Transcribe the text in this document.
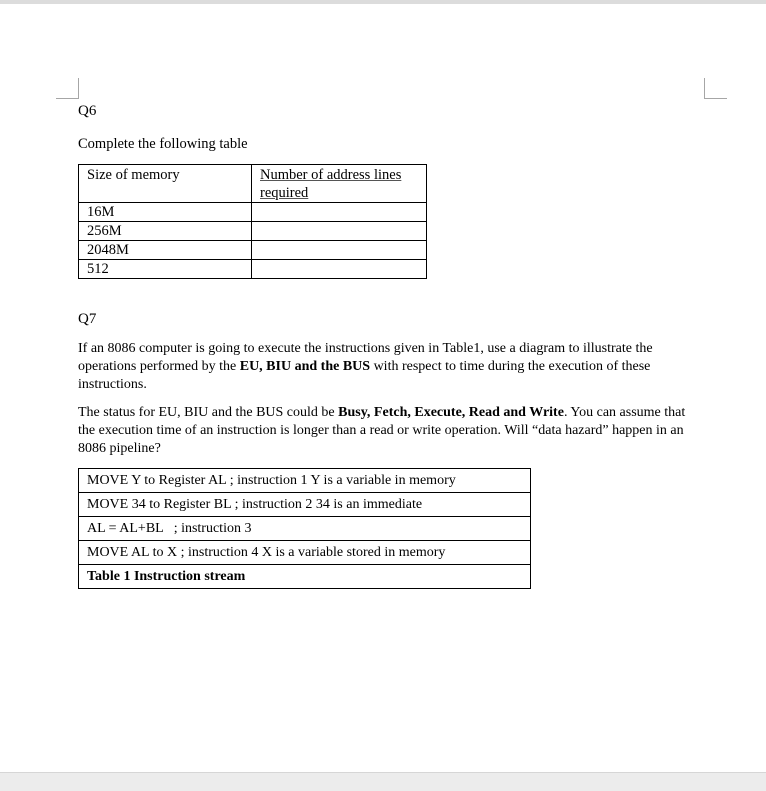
Q6

Complete the following table

Size of memory	Number of address lines required
16M	
256M	
2048M	
512	
Q7

If an 8086 computer is going to execute the instructions given in Table1, use a diagram to illustrate the operations performed by the EU, BIU and the BUS with respect to time during the execution of these instructions.

The status for EU, BIU and the BUS could be Busy, Fetch, Execute, Read and Write. You can assume that the execution time of an instruction is longer than a read or write operation. Will “data hazard” happen in an 8086 pipeline?

MOVE Y to Register AL ; instruction 1 Y is a variable in memory
MOVE 34 to Register BL ; instruction 2 34 is an immediate
AL = AL+BL   ; instruction 3
MOVE AL to X ; instruction 4 X is a variable stored in memory
Table 1 Instruction stream
